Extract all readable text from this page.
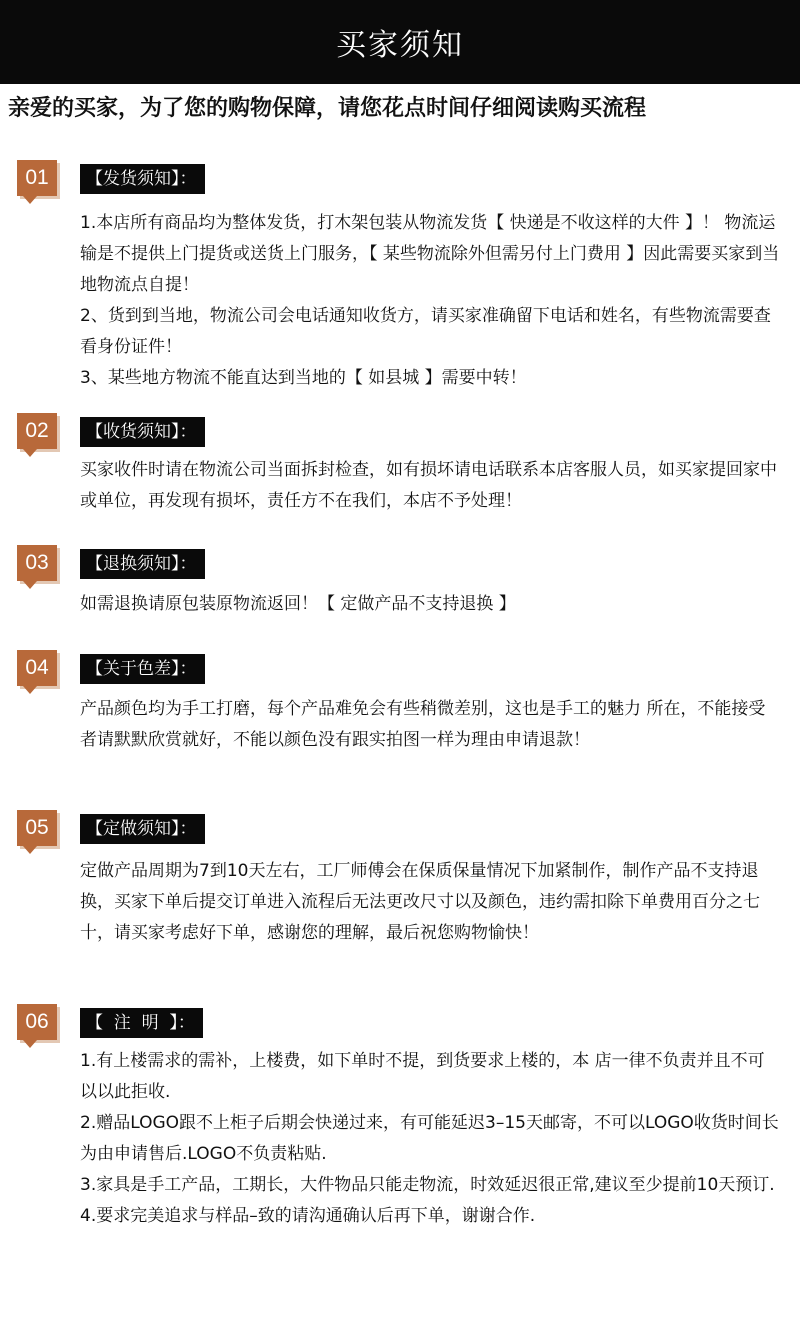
买家须知
亲爱的买家，为了您的购物保障，请您花点时间仔细阅读购买流程
01	【发货须知】：

1.本店所有商品均为整体发货，打木架包装从物流发货【 快递是不收这样的大件 】！ 物流运输是不提供上门提货或送货上门服务，【 某些物流除外但需另付上门费用 】因此需要买家到当地物流点自提！

2、货到到当地，物流公司会电话通知收货方，请买家准确留下电话和姓名，有些物流需要查看身份证件！

3、某些地方物流不能直达到当地的【 如县城 】需要中转！

02	【收货须知】：

买家收件时请在物流公司当面拆封检查，如有损坏请电话联系本店客服人员，如买家提回家中或单位，再发现有损坏，责任方不在我们，本店不予处理！

03	【退换须知】：

如需退换请原包装原物流返回！【 定做产品不支持退换 】

04	【关于色差】：

产品颜色均为手工打磨，每个产品难免会有些稍微差别，这也是手工的魅力 所在，不能接受者请默默欣赏就好，不能以颜色没有跟实拍图一样为理由申请退款！

05	【定做须知】：

定做产品周期为7到10天左右，工厂师傅会在保质保量情况下加紧制作，制作产品不支持退换，买家下单后提交订单进入流程后无法更改尺寸以及颜色，违约需扣除下单费用百分之七十，请买家考虑好下单，感谢您的理解，最后祝您购物愉快！

06	【  注  明  】：

1.有上楼需求的需补，上楼费，如下单时不提，到货要求上楼的，本 店一律不负责并且不可以以此拒收.

2.赠品LOGO跟不上柜子后期会快递过来，有可能延迟3–15天邮寄，不可以LOGO收货时间长为由申请售后.LOGO不负责粘贴.

3.家具是手工产品，工期长，大件物品只能走物流，时效延迟很正常,建议至少提前10天预订.

4.要求完美追求与样品–致的请沟通确认后再下单，谢谢合作.
